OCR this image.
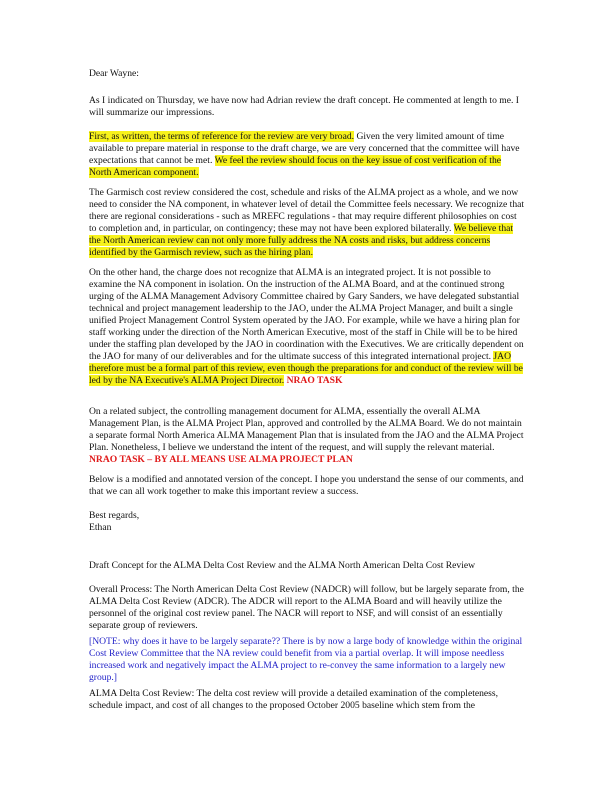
Dear Wayne:

As I indicated on Thursday, we have now had Adrian review the draft concept. He commented at length to me. I will summarize our impressions.

First, as written, the terms of reference for the review are very broad. Given the very limited amount of time available to prepare material in response to the draft charge, we are very concerned that the committee will have expectations that cannot be met. We feel the review should focus on the key issue of cost verification of the North American component.

The Garmisch cost review considered the cost, schedule and risks of the ALMA project as a whole, and we now need to consider the NA component, in whatever level of detail the Committee feels necessary. We recognize that there are regional considerations - such as MREFC regulations - that may require different philosophies on cost to completion and, in particular, on contingency; these may not have been explored bilaterally. We believe that the North American review can not only more fully address the NA costs and risks, but address concerns identified by the Garmisch review, such as the hiring plan.

On the other hand, the charge does not recognize that ALMA is an integrated project. It is not possible to examine the NA component in isolation. On the instruction of the ALMA Board, and at the continued strong urging of the ALMA Management Advisory Committee chaired by Gary Sanders, we have delegated substantial technical and project management leadership to the JAO, under the ALMA Project Manager, and built a single unified Project Management Control System operated by the JAO. For example, while we have a hiring plan for staff working under the direction of the North American Executive, most of the staff in Chile will be to be hired under the staffing plan developed by the JAO in coordination with the Executives. We are critically dependent on the JAO for many of our deliverables and for the ultimate success of this integrated international project. JAO therefore must be a formal part of this review, even though the preparations for and conduct of the review will be led by the NA Executive's ALMA Project Director. NRAO TASK

On a related subject, the controlling management document for ALMA, essentially the overall ALMA Management Plan, is the ALMA Project Plan, approved and controlled by the ALMA Board. We do not maintain a separate formal North America ALMA Management Plan that is insulated from the JAO and the ALMA Project Plan. Nonetheless, I believe we understand the intent of the request, and will supply the relevant material. NRAO TASK – BY ALL MEANS USE ALMA PROJECT PLAN

Below is a modified and annotated version of the concept. I hope you understand the sense of our comments, and that we can all work together to make this important review a success.

Best regards,

Ethan

Draft Concept for the ALMA Delta Cost Review and the ALMA North American Delta Cost Review

Overall Process: The North American Delta Cost Review (NADCR) will follow, but be largely separate from, the ALMA Delta Cost Review (ADCR). The ADCR will report to the ALMA Board and will heavily utilize the personnel of the original cost review panel. The NACR will report to NSF, and will consist of an essentially separate group of reviewers.

[NOTE: why does it have to be largely separate?? There is by now a large body of knowledge within the original Cost Review Committee that the NA review could benefit from via a partial overlap. It will impose needless increased work and negatively impact the ALMA project to re-convey the same information to a largely new group.]

ALMA Delta Cost Review: The delta cost review will provide a detailed examination of the completeness, schedule impact, and cost of all changes to the proposed October 2005 baseline which stem from the
